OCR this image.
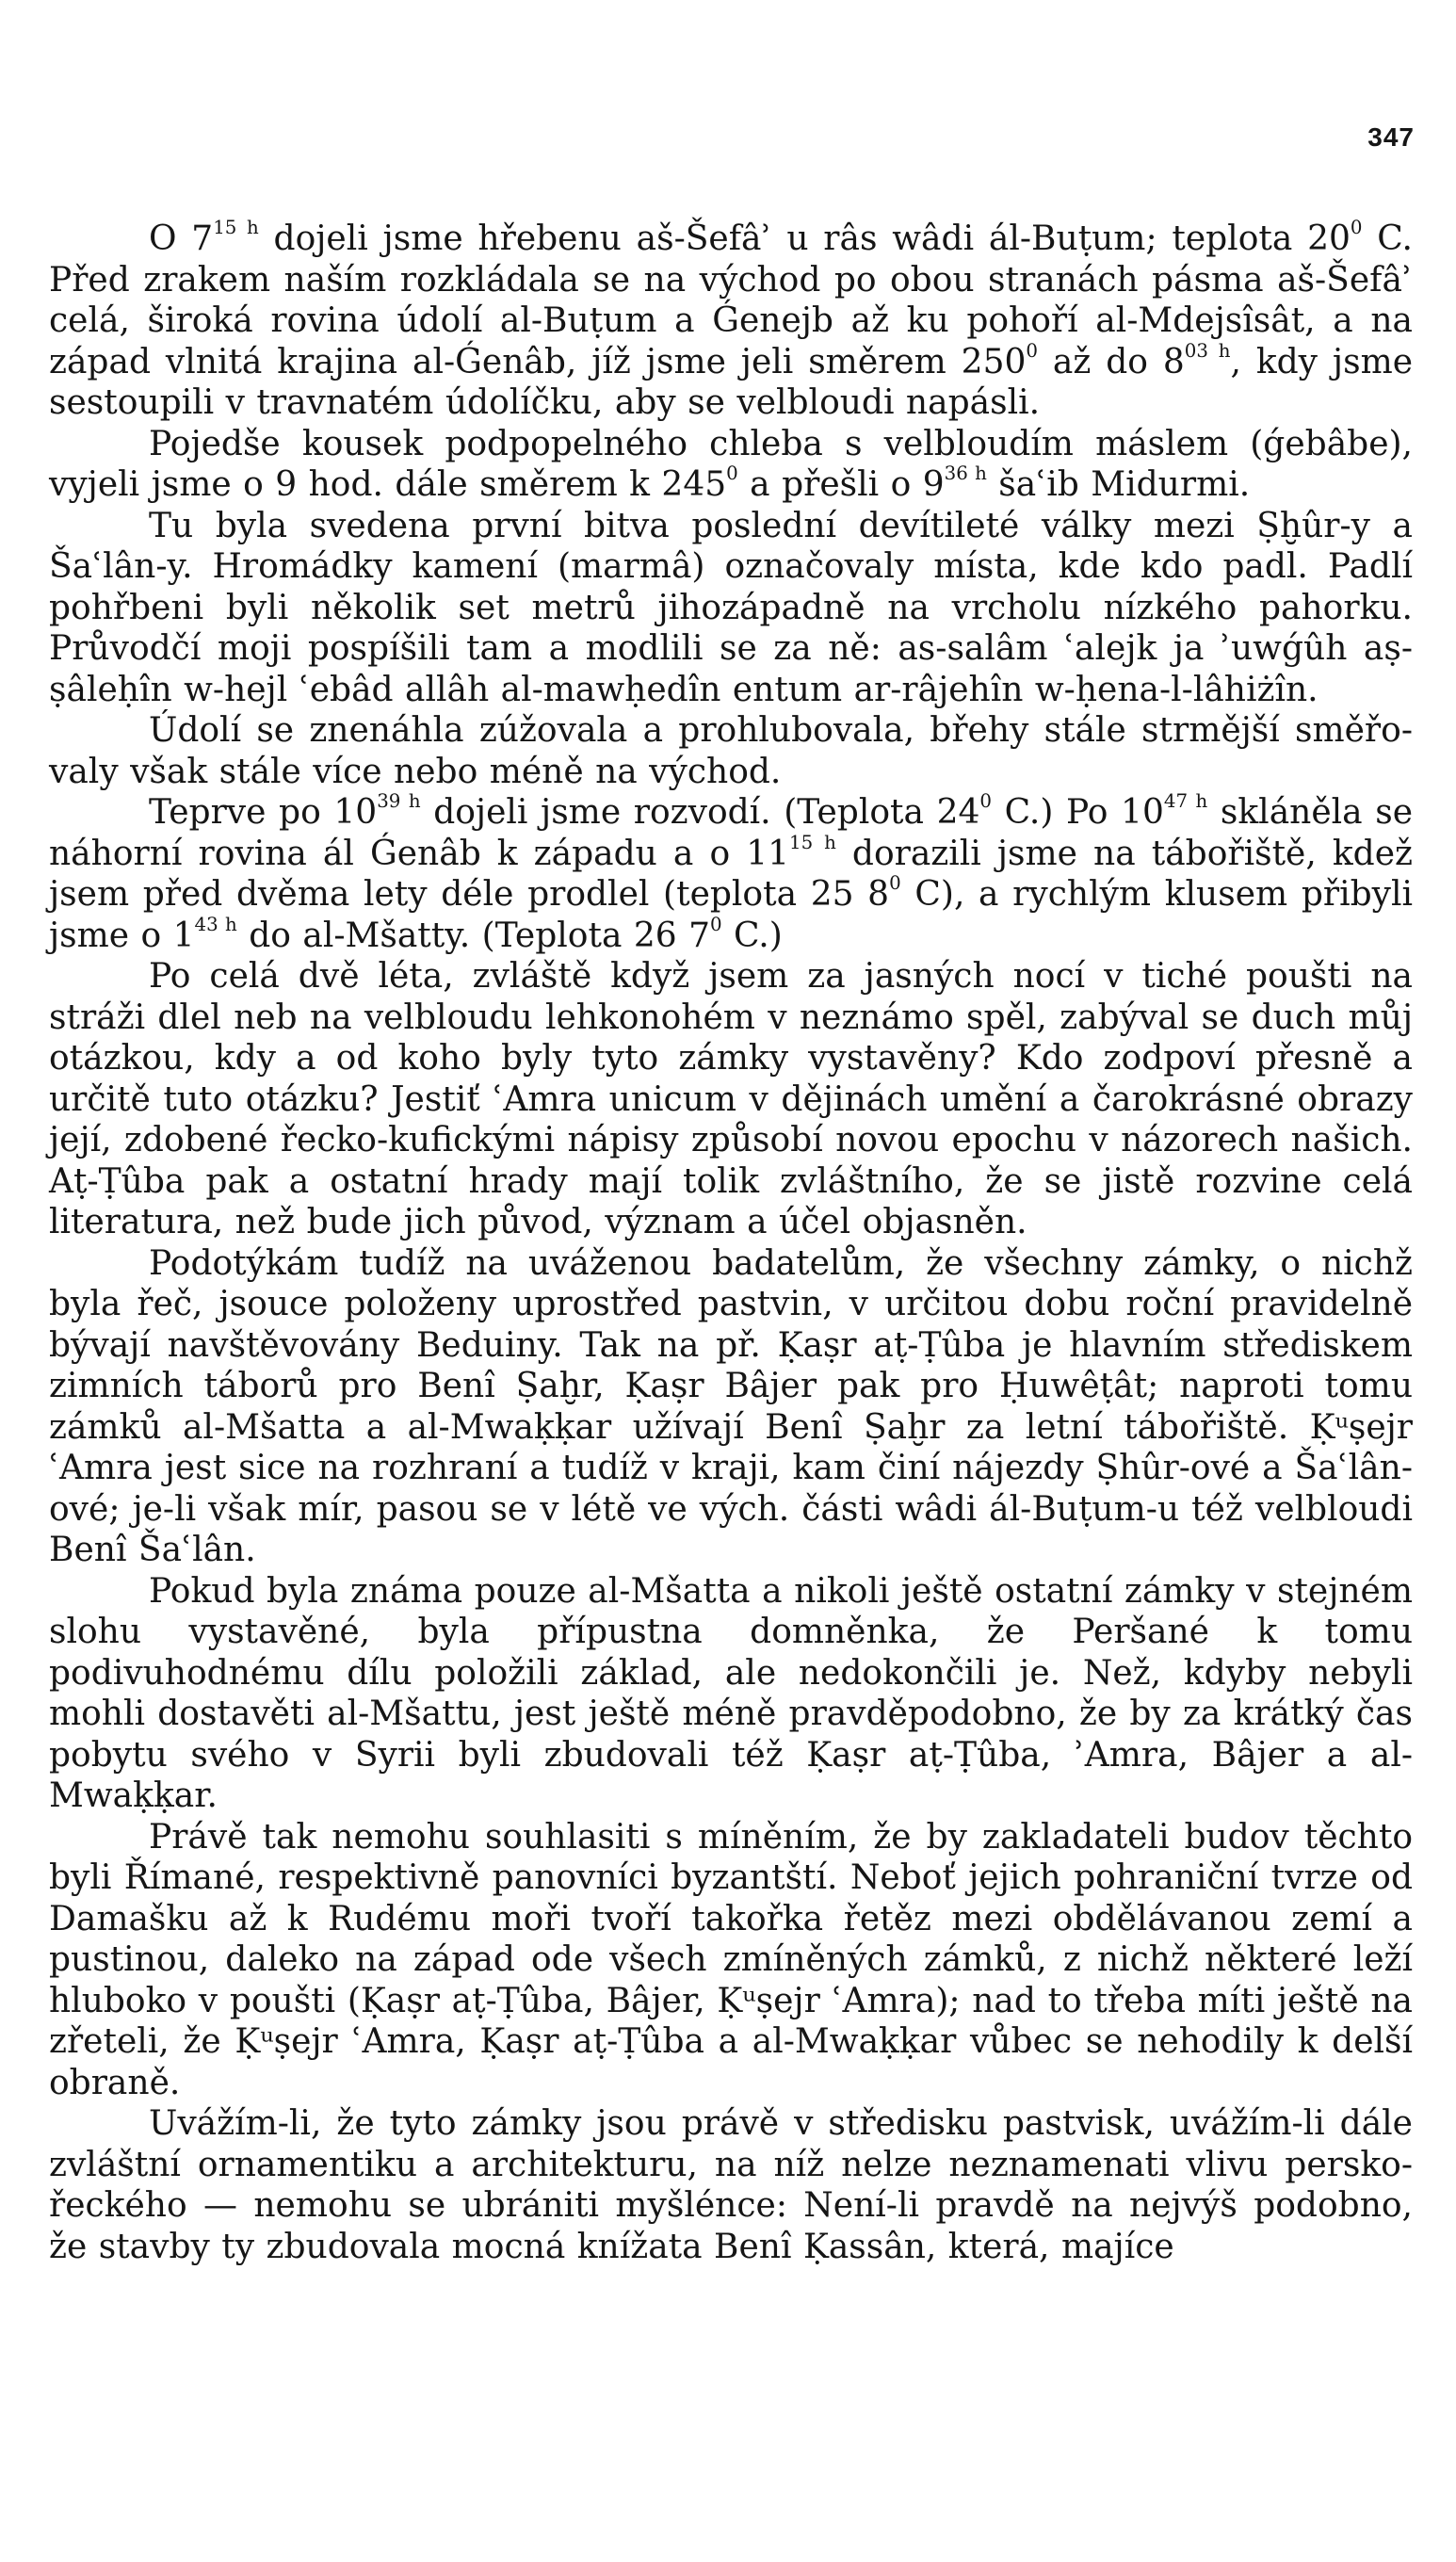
347

O $7^{15 h}$ dojeli jsme hřebenu aš-Šefâʾ u râs wâdi ál-Buṭum; teplota $20^0$ C. Před zrakem naším rozkládala se na východ po obou stranách pásma aš-Šefâʾ celá, široká rovina údolí al-Buṭum a Ǵenejb až ku pohoří al-Mdejsîsât, a na západ vlnitá krajina al-Ǵenâb, jíž jsme jeli směrem $250^0$ až do $8^{03 h}$, kdy jsme sestoupili v travnatém údolíčku, aby se velbloudi napásli.

Pojedše kousek podpopelného chleba s velbloudím máslem (ǵebâbe), vyjeli jsme o 9 hod. dále směrem k $245^0$ a přešli o $9^{36 h}$ šaʿib Midurmi.

Tu byla svedena první bitva poslední devítileté války mezi Ṣḫûr-y a Šaʿlân-y. Hromádky kamení (marmâ) označovaly místa, kde kdo padl. Padlí pohřbeni byli několik set metrů jihozápadně na vrcholu nízkého pahorku. Průvodčí moji pospíšili tam a modlili se za ně: as-salâm ʿalejk ja ʾuwǵûh aṣ-ṣâleḥîn w-hejl ʿebâd allâh al-mawḥedîn entum ar-râjehîn w-ḥena-l-lâhiżîn.

Údolí se znenáhla zúžovala a prohlubovala, břehy stále strmější směřovaly však stále více nebo méně na východ.

Teprve po $10^{39 h}$ dojeli jsme rozvodí. (Teplota $24^0$ C.) Po $10^{47 h}$ skláněla se náhorní rovina ál Ǵenâb k západu a o $11^{15 h}$ dorazili jsme na tábořiště, kdež jsem před dvěma lety déle prodlel (teplota 25 $8^0$ C), a rychlým klusem přibyli jsme o $1^{43 h}$ do al-Mšatty. (Teplota 26 $7^0$ C.)

Po celá dvě léta, zvláště když jsem za jasných nocí v tiché poušti na stráži dlel neb na velbloudu lehkonohém v neznámo spěl, zabýval se duch můj otázkou, kdy a od koho byly tyto zámky vystavěny? Kdo zodpoví přesně a určitě tuto otázku? Jestiť ʿAmra unicum v dějinách umění a čarokrásné obrazy její, zdobené řecko-kufickými nápisy způsobí novou epochu v názorech našich. Aṭ-Ṭûba pak a ostatní hrady mají tolik zvláštního, že se jistě rozvine celá literatura, než bude jich původ, význam a účel objasněn.

Podotýkám tudíž na uváženou badatelům, že všechny zámky, o nichž byla řeč, jsouce položeny uprostřed pastvin, v určitou dobu roční pravidelně bývají navštěvovány Beduiny. Tak na př. Ḳaṣr aṭ-Ṭûba je hlavním střediskem zimních táborů pro Benî Ṣaḫr, Ḳaṣr Bâjer pak pro Ḥuwêṭât; naproti tomu zámků al-Mšatta a al-Mwaḳḳar užívají Benî Ṣaḫr za letní tábořiště. Ḳᵘṣejr ʿAmra jest sice na rozhraní a tudíž v kraji, kam činí nájezdy Ṣhûr-ové a Šaʿlân-ové; je-li však mír, pasou se v létě ve vých. části wâdi ál-Buṭum-u též velbloudi Benî Šaʿlân.

Pokud byla známa pouze al-Mšatta a nikoli ještě ostatní zámky v stejném slohu vystavěné, byla přípustna domněnka, že Peršané k tomu podivuhodnému dílu položili základ, ale nedokončili je. Než, kdyby nebyli mohli dostavěti al-Mšattu, jest ještě méně pravděpodobno, že by za krátký čas pobytu svého v Syrii byli zbudovali též Ḳaṣr aṭ-Ṭûba, ʾAmra, Bâjer a al-Mwaḳḳar.

Právě tak nemohu souhlasiti s míněním, že by zakladateli budov těchto byli Římané, respektivně panovníci byzantští. Neboť jejich pohraniční tvrze od Damašku až k Rudému moři tvoří takořka řetěz mezi obdělávanou zemí a pustinou, daleko na západ ode všech zmíněných zámků, z nichž některé leží hluboko v poušti (Ḳaṣr aṭ-Ṭûba, Bâjer, Ḳᵘṣejr ʿAmra); nad to třeba míti ještě na zřeteli, že Ḳᵘṣejr ʿAmra, Ḳaṣr aṭ-Ṭûba a al-Mwaḳḳar vůbec se nehodily k delší obraně.

Uvážím-li, že tyto zámky jsou právě v středisku pastvisk, uvážím-li dále zvláštní ornamentiku a architekturu, na níž nelze neznamenati vlivu persko-řeckého — nemohu se ubrániti myšlénce: Není-li pravdě na nejvýš podobno, že stavby ty zbudovala mocná knížata Benî Ḳassân, která, majíce
